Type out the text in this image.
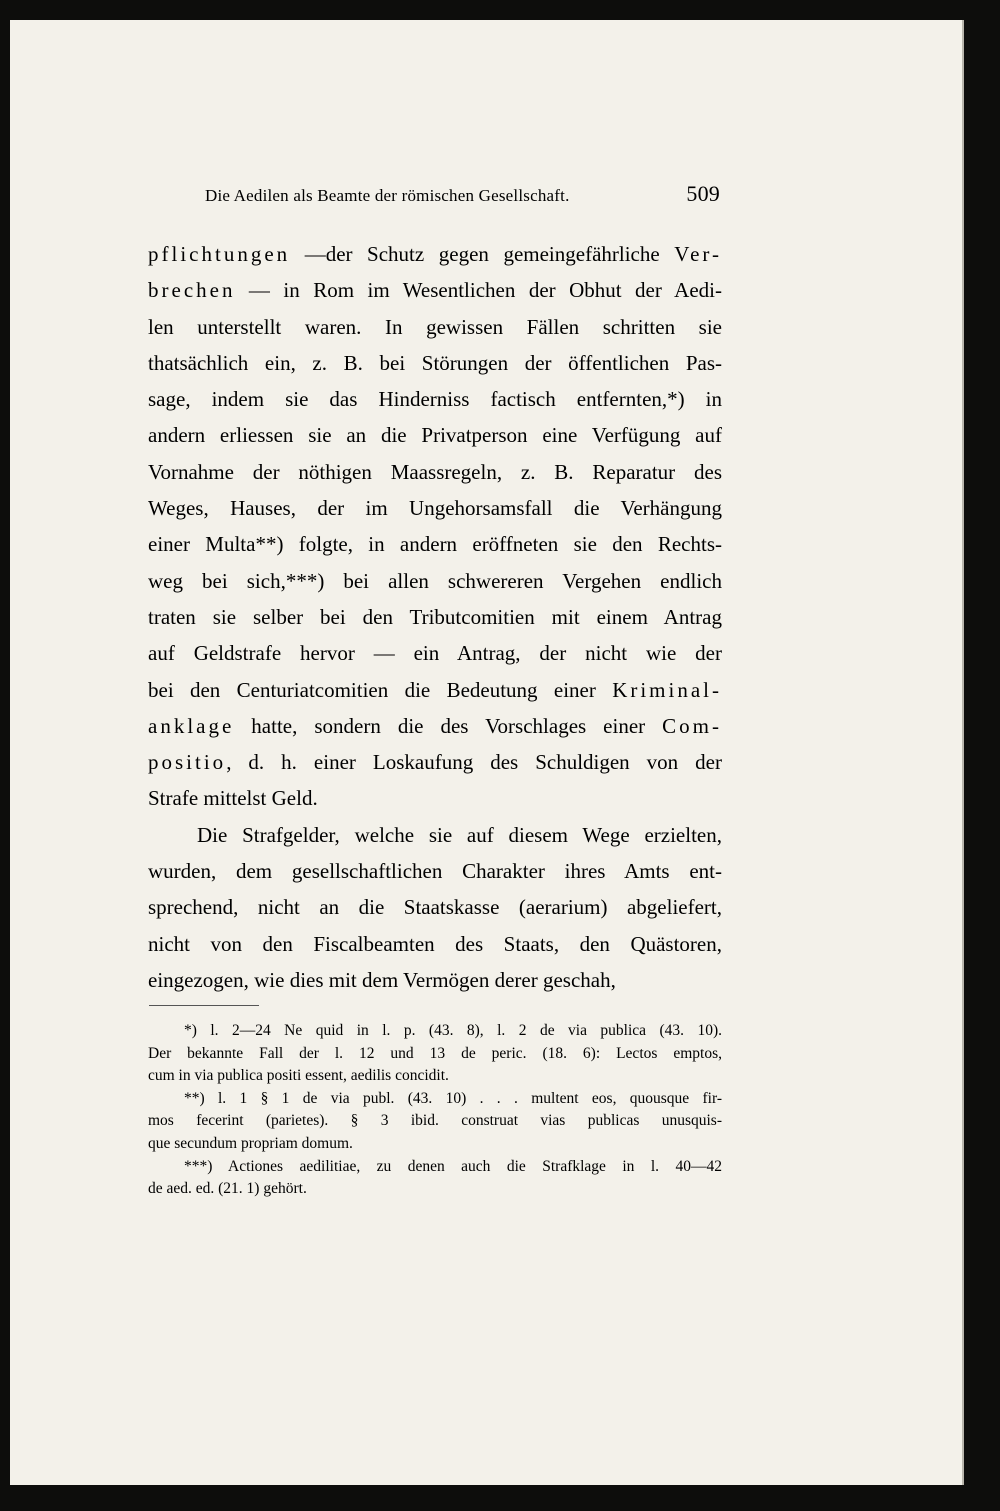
Die Aedilen als Beamte der römischen Gesellschaft.	509
pflichtungen —der Schutz gegen gemeingefährliche Ver-
brechen — in Rom im Wesentlichen der Obhut der Aedi-
len unterstellt waren. In gewissen Fällen schritten sie
thatsächlich ein, z. B. bei Störungen der öffentlichen Pas-
sage, indem sie das Hinderniss factisch entfernten,*) in
andern erliessen sie an die Privatperson eine Verfügung auf
Vornahme der nöthigen Maassregeln, z. B. Reparatur des
Weges, Hauses, der im Ungehorsamsfall die Verhängung
einer Multa**) folgte, in andern eröffneten sie den Rechts-
weg bei sich,***) bei allen schwereren Vergehen endlich
traten sie selber bei den Tributcomitien mit einem Antrag
auf Geldstrafe hervor — ein Antrag, der nicht wie der
bei den Centuriatcomitien die Bedeutung einer Kriminal-
anklage hatte, sondern die des Vorschlages einer Com-
positio, d. h. einer Loskaufung des Schuldigen von der
Strafe mittelst Geld.
Die Strafgelder, welche sie auf diesem Wege erzielten,
wurden, dem gesellschaftlichen Charakter ihres Amts ent-
sprechend, nicht an die Staatskasse (aerarium) abgeliefert,
nicht von den Fiscalbeamten des Staats, den Quästoren,
eingezogen, wie dies mit dem Vermögen derer geschah,
*) l. 2—24 Ne quid in l. p. (43. 8), l. 2 de via publica (43. 10).
Der bekannte Fall der l. 12 und 13 de peric. (18. 6): Lectos emptos,
cum in via publica positi essent, aedilis concidit.
**) l. 1 § 1 de via publ. (43. 10) . . . multent eos, quousque fir-
mos fecerint (parietes). § 3 ibid. construat vias publicas unusquis-
que secundum propriam domum.
***) Actiones aedilitiae, zu denen auch die Strafklage in l. 40—42
de aed. ed. (21. 1) gehört.
